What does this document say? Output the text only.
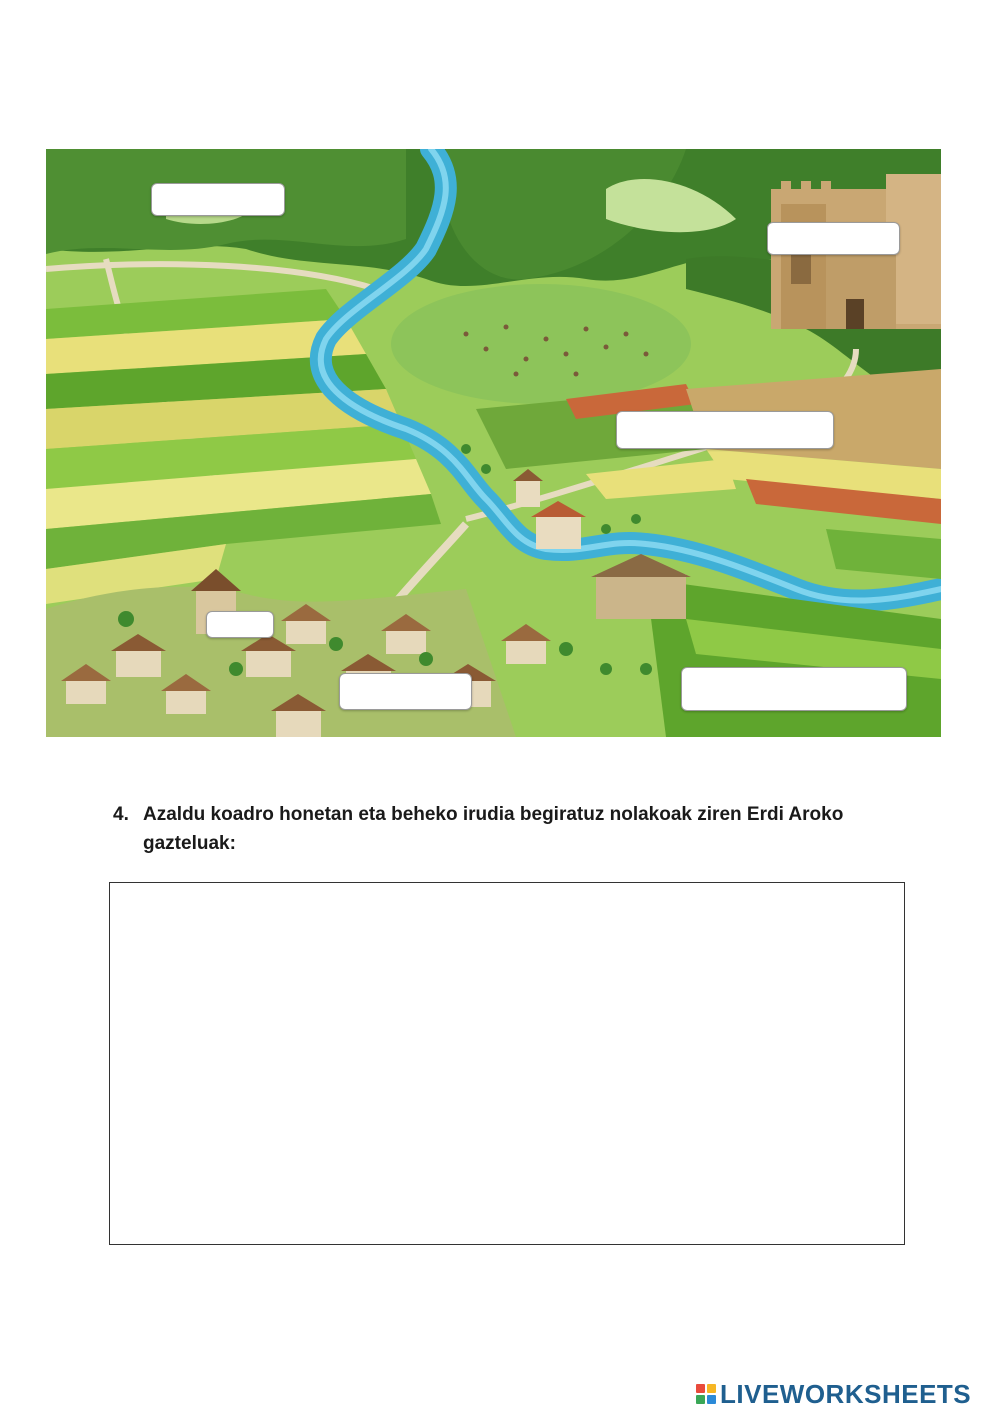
4. Azaldu koadro honetan eta beheko irudia begiratuz nolakoak ziren Erdi Aroko gazteluak:
LIVEWORKSHEETS
